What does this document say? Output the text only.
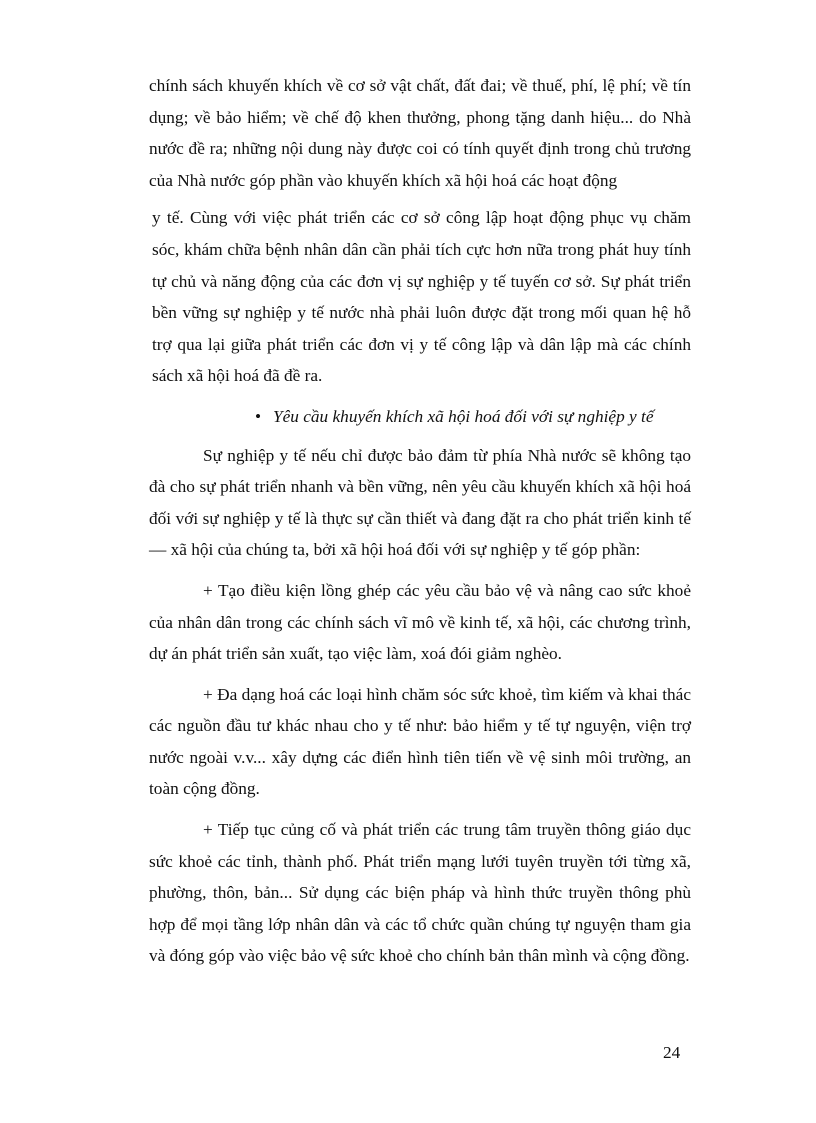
chính sách khuyến khích về cơ sở vật chất, đất đai; về thuế, phí, lệ phí; về tín dụng; về bảo hiểm; về chế độ khen thưởng, phong tặng danh hiệu... do Nhà nước đề ra; những nội dung này được coi có tính quyết định trong chủ trương của Nhà nước góp phần vào khuyến khích xã hội hoá các hoạt động

y tế. Cùng với việc phát triển các cơ sở công lập hoạt động phục vụ chăm sóc, khám chữa bệnh nhân dân cần phải tích cực hơn nữa trong phát huy tính tự chủ và năng động của các đơn vị sự nghiệp y tế tuyến cơ sở. Sự phát triển bền vững sự nghiệp y tế nước nhà phải luôn được đặt trong mối quan hệ hỗ trợ qua lại giữa phát triển các đơn vị y tế công lập và dân lập mà các chính sách xã hội hoá đã đề ra.

• Yêu cầu khuyến khích xã hội hoá đối với sự nghiệp y tế

Sự nghiệp y tế nếu chỉ được bảo đảm từ phía Nhà nước sẽ không tạo đà cho sự phát triển nhanh và bền vững, nên yêu cầu khuyến khích xã hội hoá đối với sự nghiệp y tế là thực sự cần thiết và đang đặt ra cho phát triển kinh tế — xã hội của chúng ta, bởi xã hội hoá đối với sự nghiệp y tế góp phần:

+ Tạo điều kiện lồng ghép các yêu cầu bảo vệ và nâng cao sức khoẻ của nhân dân trong các chính sách vĩ mô về kinh tế, xã hội, các chương trình, dự án phát triển sản xuất, tạo việc làm, xoá đói giảm nghèo.

+ Đa dạng hoá các loại hình chăm sóc sức khoẻ, tìm kiếm và khai thác các nguồn đầu tư khác nhau cho y tế như: bảo hiểm y tế tự nguyện, viện trợ nước ngoài v.v... xây dựng các điển hình tiên tiến về vệ sinh môi trường, an toàn cộng đồng.

+ Tiếp tục củng cố và phát triển các trung tâm truyền thông giáo dục sức khoẻ các tỉnh, thành phố. Phát triển mạng lưới tuyên truyền tới từng xã, phường, thôn, bản... Sử dụng các biện pháp và hình thức truyền thông phù hợp để mọi tầng lớp nhân dân và các tổ chức quần chúng tự nguyện tham gia và đóng góp vào việc bảo vệ sức khoẻ cho chính bản thân mình và cộng đồng.

24
